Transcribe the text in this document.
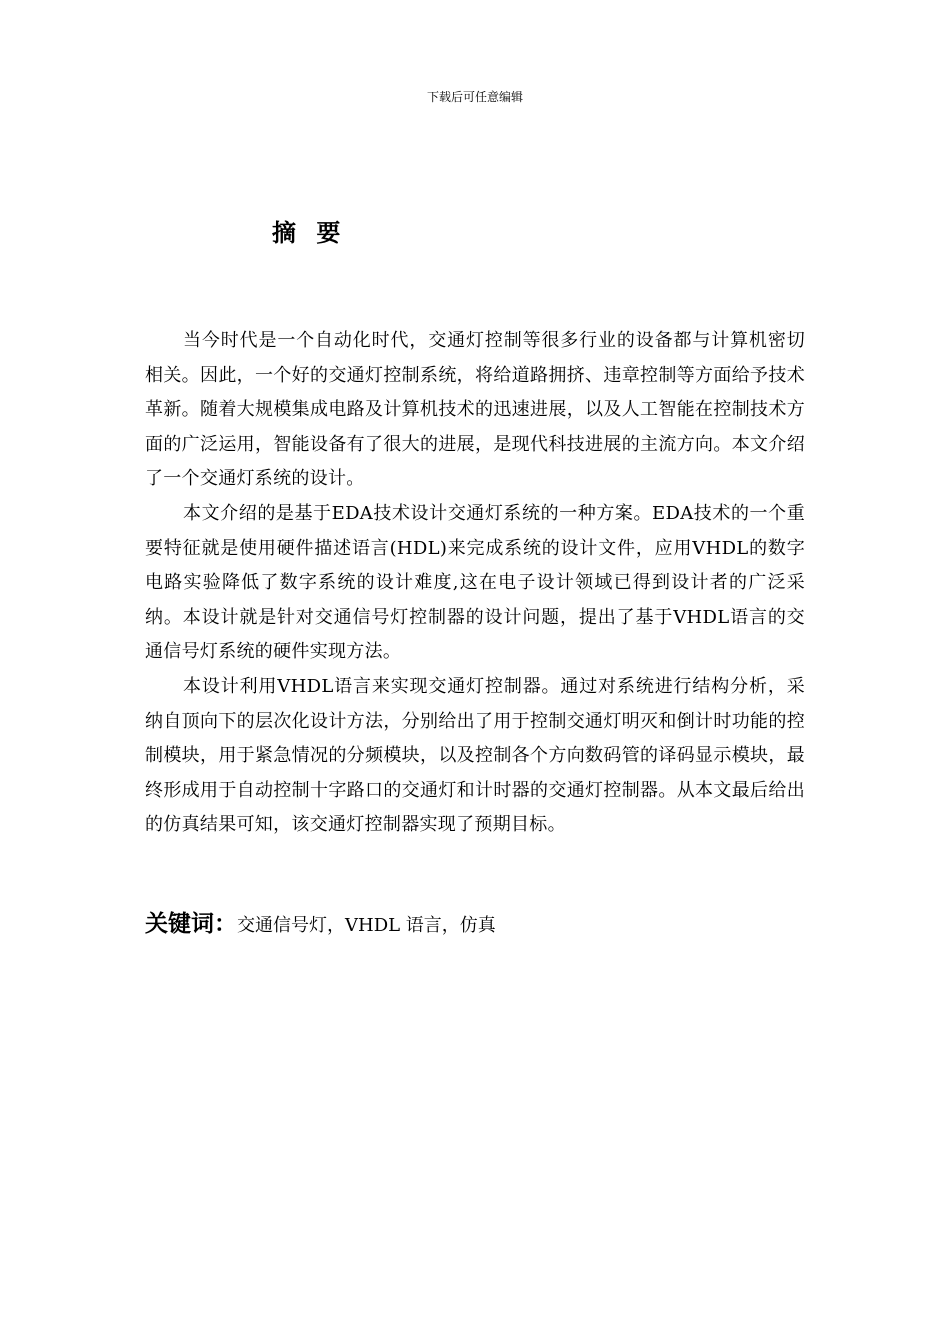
下载后可任意编辑
摘 要

当今时代是一个自动化时代，交通灯控制等很多行业的设备都与计算机密切相关。因此，一个好的交通灯控制系统，将给道路拥挤、违章控制等方面给予技术革新。随着大规模集成电路及计算机技术的迅速进展，以及人工智能在控制技术方面的广泛运用，智能设备有了很大的进展，是现代科技进展的主流方向。本文介绍了一个交通灯系统的设计。

本文介绍的是基于EDA技术设计交通灯系统的一种方案。EDA技术的一个重要特征就是使用硬件描述语言(HDL)来完成系统的设计文件，应用VHDL的数字电路实验降低了数字系统的设计难度,这在电子设计领域已得到设计者的广泛采纳。本设计就是针对交通信号灯控制器的设计问题，提出了基于VHDL语言的交通信号灯系统的硬件实现方法。

本设计利用VHDL语言来实现交通灯控制器。通过对系统进行结构分析，采纳自顶向下的层次化设计方法，分别给出了用于控制交通灯明灭和倒计时功能的控制模块，用于紧急情况的分频模块，以及控制各个方向数码管的译码显示模块，最终形成用于自动控制十字路口的交通灯和计时器的交通灯控制器。从本文最后给出的仿真结果可知，该交通灯控制器实现了预期目标。

关键词：交通信号灯，VHDL 语言，仿真
